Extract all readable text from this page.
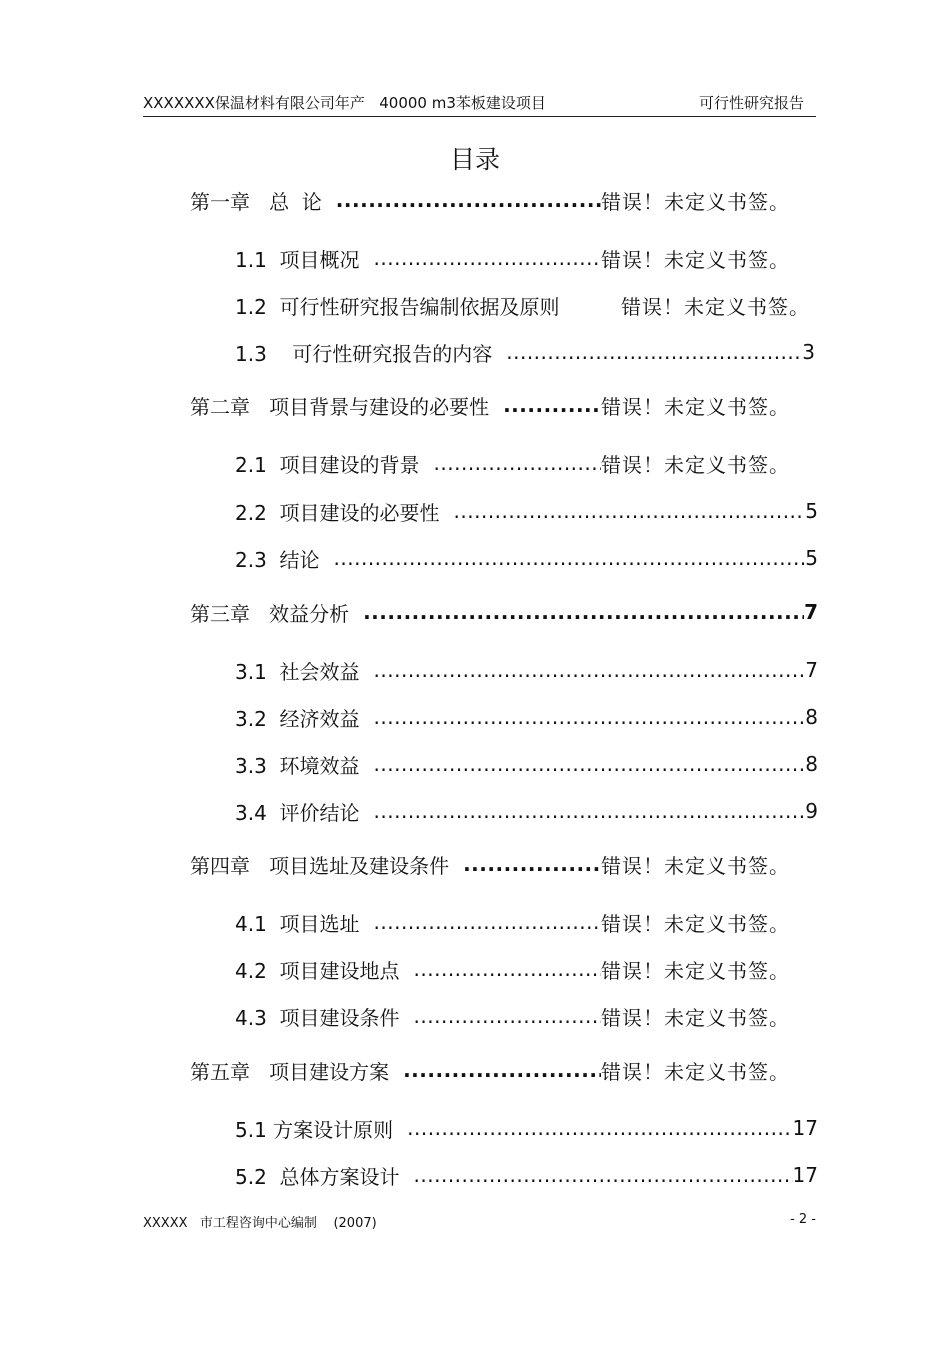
XXXXXXX保温材料有限公司年产   40000 m3苯板建设项目	可行性研究报告
目录
第一章   总  论 .....	错误！未定义书签。
1.1  项目概况 .....	错误！未定义书签。
1.2  可行性研究报告编制依据及原则	错误！未定义书签。
1.3    可行性研究报告的内容 .....	3
第二章   项目背景与建设的必要性 .....	错误！未定义书签。
2.1  项目建设的背景 .....	错误！未定义书签。
2.2  项目建设的必要性 .....	5
2.3  结论 .....	5
第三章   效益分析 .....	7
3.1  社会效益 .....	7
3.2  经济效益 .....	8
3.3  环境效益 .....	8
3.4  评价结论 .....	9
第四章   项目选址及建设条件 .....	错误！未定义书签。
4.1  项目选址 .....	错误！未定义书签。
4.2  项目建设地点 .....	错误！未定义书签。
4.3  项目建设条件 .....	错误！未定义书签。
第五章   项目建设方案 .....	错误！未定义书签。
5.1 方案设计原则 .....	17
5.2  总体方案设计 .....	17
XXXXX   市工程咨询中心编制    (2007)	- 2 -
